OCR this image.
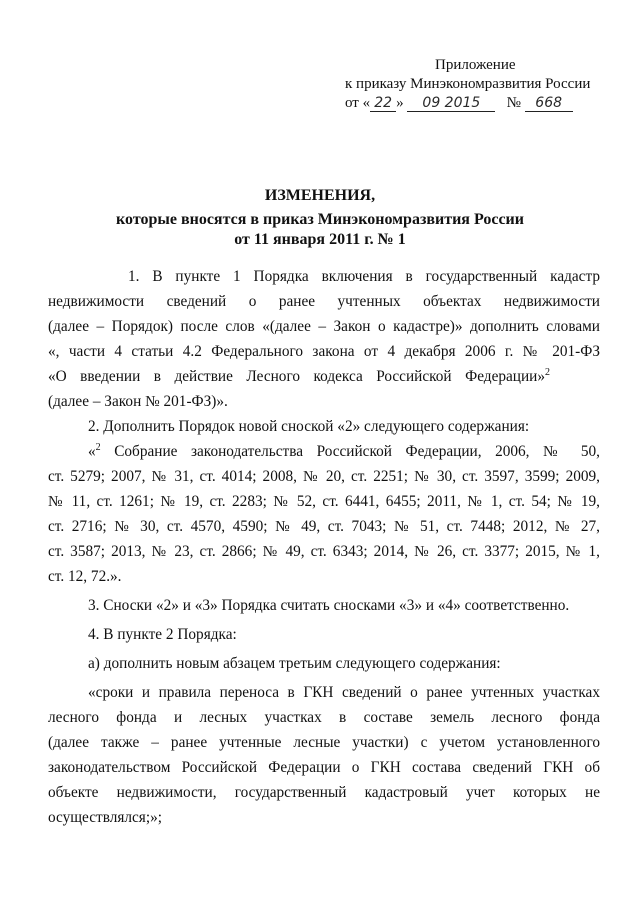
Приложение
к приказу Минэкономразвития России
от « 22 » 09 2015 № 668
ИЗМЕНЕНИЯ,
которые вносятся в приказ Минэкономразвития России
от 11 января 2011 г. № 1
1. В пункте 1 Порядка включения в государственный кадастр
недвижимости сведений о ранее учтенных объектах недвижимости
(далее – Порядок) после слов «(далее – Закон о кадастре)» дополнить словами
«, части 4 статьи 4.2 Федерального закона от 4 декабря 2006 г. № 201-ФЗ
«О введении в действие Лесного кодекса Российской Федерации»$^2$
(далее – Закон № 201-ФЗ)».
2. Дополнить Порядок новой сноской «2» следующего содержания:
«$^2$ Собрание законодательства Российской Федерации, 2006, № 50,
ст. 5279; 2007, № 31, ст. 4014; 2008, № 20, ст. 2251; № 30, ст. 3597, 3599; 2009,
№ 11, ст. 1261; № 19, ст. 2283; № 52, ст. 6441, 6455; 2011, № 1, ст. 54; № 19,
ст. 2716; № 30, ст. 4570, 4590; № 49, ст. 7043; № 51, ст. 7448; 2012, № 27,
ст. 3587; 2013, № 23, ст. 2866; № 49, ст. 6343; 2014, № 26, ст. 3377; 2015, № 1,
ст. 12, 72.».
3. Сноски «2» и «3» Порядка считать сносками «3» и «4» соответственно.
4. В пункте 2 Порядка:
а) дополнить новым абзацем третьим следующего содержания:
«сроки и правила переноса в ГКН сведений о ранее учтенных участках
лесного фонда и лесных участках в составе земель лесного фонда
(далее также – ранее учтенные лесные участки) с учетом установленного
законодательством Российской Федерации о ГКН состава сведений ГКН об
объекте недвижимости, государственный кадастровый учет которых не
осуществлялся;»;
